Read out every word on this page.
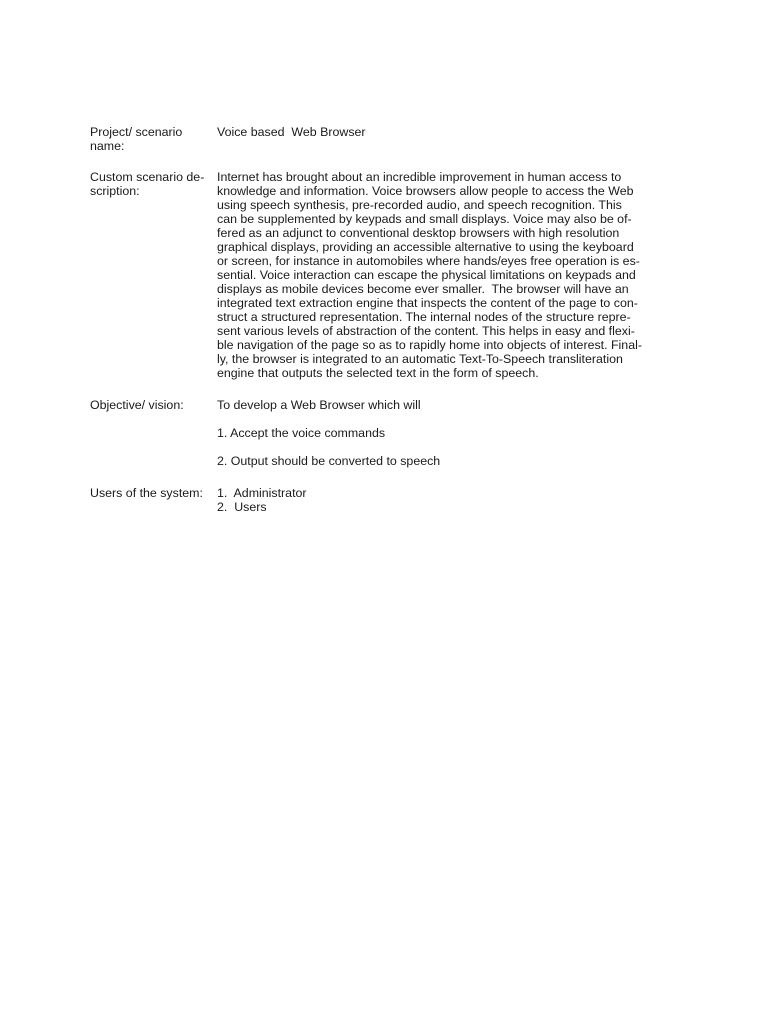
Project/ scenario
name:
Voice based  Web Browser
Custom scenario de-
scription:
Internet has brought about an incredible improvement in human access to
knowledge and information. Voice browsers allow people to access the Web
using speech synthesis, pre-recorded audio, and speech recognition. This
can be supplemented by keypads and small displays. Voice may also be of-
fered as an adjunct to conventional desktop browsers with high resolution
graphical displays, providing an accessible alternative to using the keyboard
or screen, for instance in automobiles where hands/eyes free operation is es-
sential. Voice interaction can escape the physical limitations on keypads and
displays as mobile devices become ever smaller.  The browser will have an
integrated text extraction engine that inspects the content of the page to con-
struct a structured representation. The internal nodes of the structure repre-
sent various levels of abstraction of the content. This helps in easy and flexi-
ble navigation of the page so as to rapidly home into objects of interest. Final-
ly, the browser is integrated to an automatic Text-To-Speech transliteration
engine that outputs the selected text in the form of speech.
Objective/ vision:	To develop a Web Browser which will
1. Accept the voice commands
2. Output should be converted to speech
Users of the system:	1.  Administrator
2.  Users
